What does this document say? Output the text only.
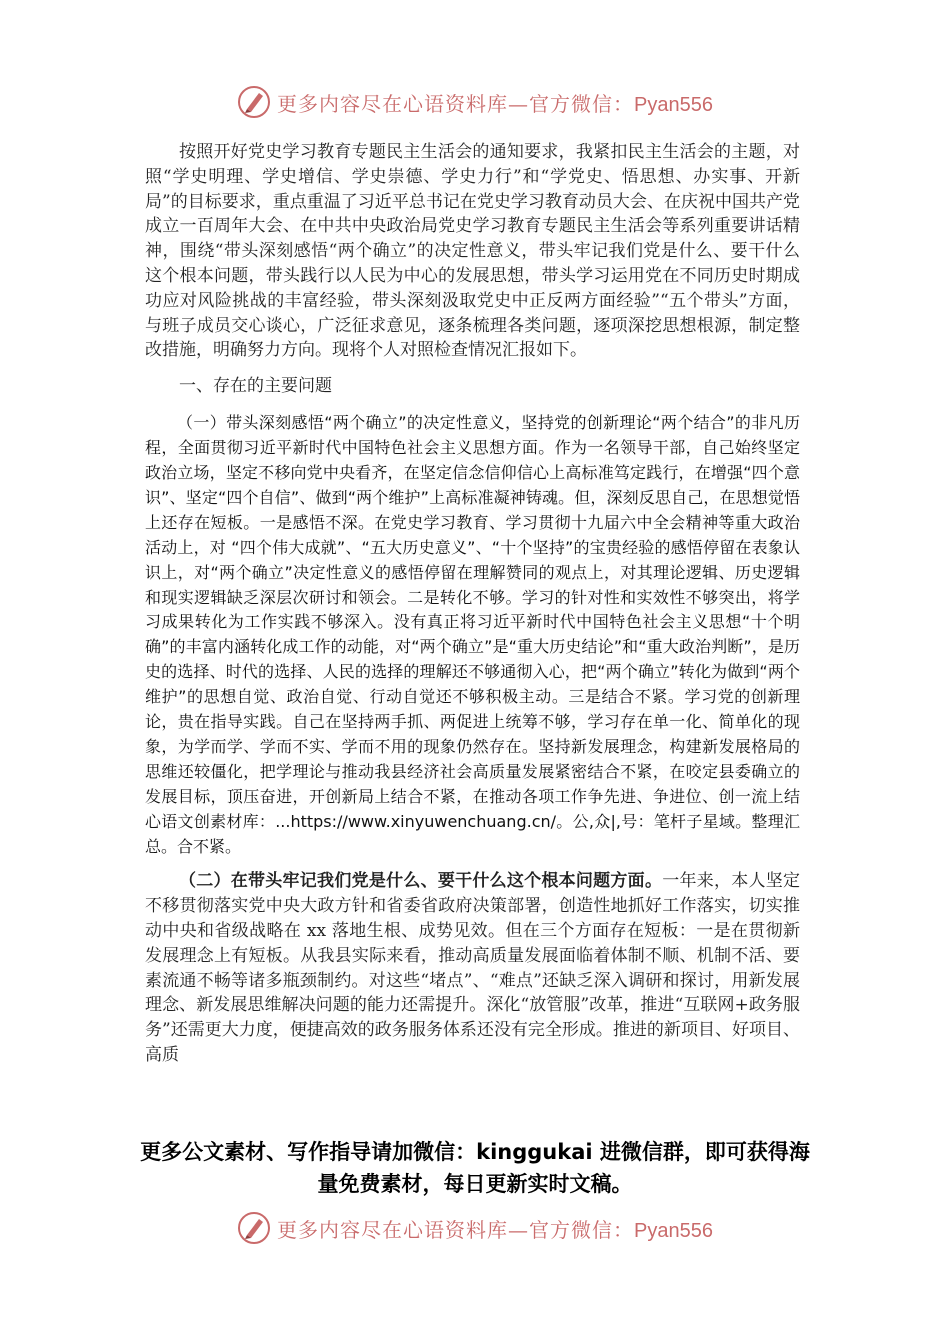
更多内容尽在心语资料库—官方微信：Pyan556

按照开好党史学习教育专题民主生活会的通知要求，我紧扣民主生活会的主题，对照“学史明理、学史增信、学史崇德、学史力行”和“学党史、悟思想、办实事、开新局”的目标要求，重点重温了习近平总书记在党史学习教育动员大会、在庆祝中国共产党成立一百周年大会、在中共中央政治局党史学习教育专题民主生活会等系列重要讲话精神，围绕“带头深刻感悟“两个确立”的决定性意义，带头牢记我们党是什么、要干什么这个根本问题，带头践行以人民为中心的发展思想，带头学习运用党在不同历史时期成功应对风险挑战的丰富经验，带头深刻汲取党史中正反两方面经验”“五个带头”方面，与班子成员交心谈心，广泛征求意见，逐条梳理各类问题，逐项深挖思想根源，制定整改措施，明确努力方向。现将个人对照检查情况汇报如下。

一、存在的主要问题

（一）带头深刻感悟“两个确立”的决定性意义，坚持党的创新理论“两个结合”的非凡历程，全面贯彻习近平新时代中国特色社会主义思想方面。作为一名领导干部，自己始终坚定政治立场，坚定不移向党中央看齐，在坚定信念信仰信心上高标准笃定践行，在增强“四个意识”、坚定“四个自信”、做到“两个维护”上高标准凝神铸魂。但，深刻反思自己，在思想觉悟上还存在短板。一是感悟不深。在党史学习教育、学习贯彻十九届六中全会精神等重大政治活动上，对 “四个伟大成就”、“五大历史意义”、“十个坚持”的宝贵经验的感悟停留在表象认识上，对“两个确立”决定性意义的感悟停留在理解赞同的观点上，对其理论逻辑、历史逻辑和现实逻辑缺乏深层次研讨和领会。二是转化不够。学习的针对性和实效性不够突出，将学习成果转化为工作实践不够深入。没有真正将习近平新时代中国特色社会主义思想“十个明确”的丰富内涵转化成工作的动能，对“两个确立”是“重大历史结论”和“重大政治判断”，是历史的选择、时代的选择、人民的选择的理解还不够通彻入心，把“两个确立”转化为做到“两个维护”的思想自觉、政治自觉、行动自觉还不够积极主动。三是结合不紧。学习党的创新理论，贵在指导实践。自己在坚持两手抓、两促进上统筹不够，学习存在单一化、简单化的现象，为学而学、学而不实、学而不用的现象仍然存在。坚持新发展理念，构建新发展格局的思维还较僵化，把学理论与推动我县经济社会高质量发展紧密结合不紧，在咬定县委确立的发展目标，顶压奋进，开创新局上结合不紧，在推动各项工作争先进、争进位、创一流上结心语文创素材库：...https://www.xinyuwenchuang.cn/。公,众|,号：笔杆子星域。整理汇总。合不紧。

（二）在带头牢记我们党是什么、要干什么这个根本问题方面。一年来，本人坚定不移贯彻落实党中央大政方针和省委省政府决策部署，创造性地抓好工作落实，切实推动中央和省级战略在 xx 落地生根、成势见效。但在三个方面存在短板：一是在贯彻新发展理念上有短板。从我县实际来看，推动高质量发展面临着体制不顺、机制不活、要素流通不畅等诸多瓶颈制约。对这些“堵点”、“难点”还缺乏深入调研和探讨，用新发展理念、新发展思维解决问题的能力还需提升。深化“放管服”改革，推进“互联网+政务服务”还需更大力度，便捷高效的政务服务体系还没有完全形成。推进的新项目、好项目、高质

更多公文素材、写作指导请加微信：kinggukai 进微信群，即可获得海量免费素材，每日更新实时文稿。
更多内容尽在心语资料库—官方微信：Pyan556
